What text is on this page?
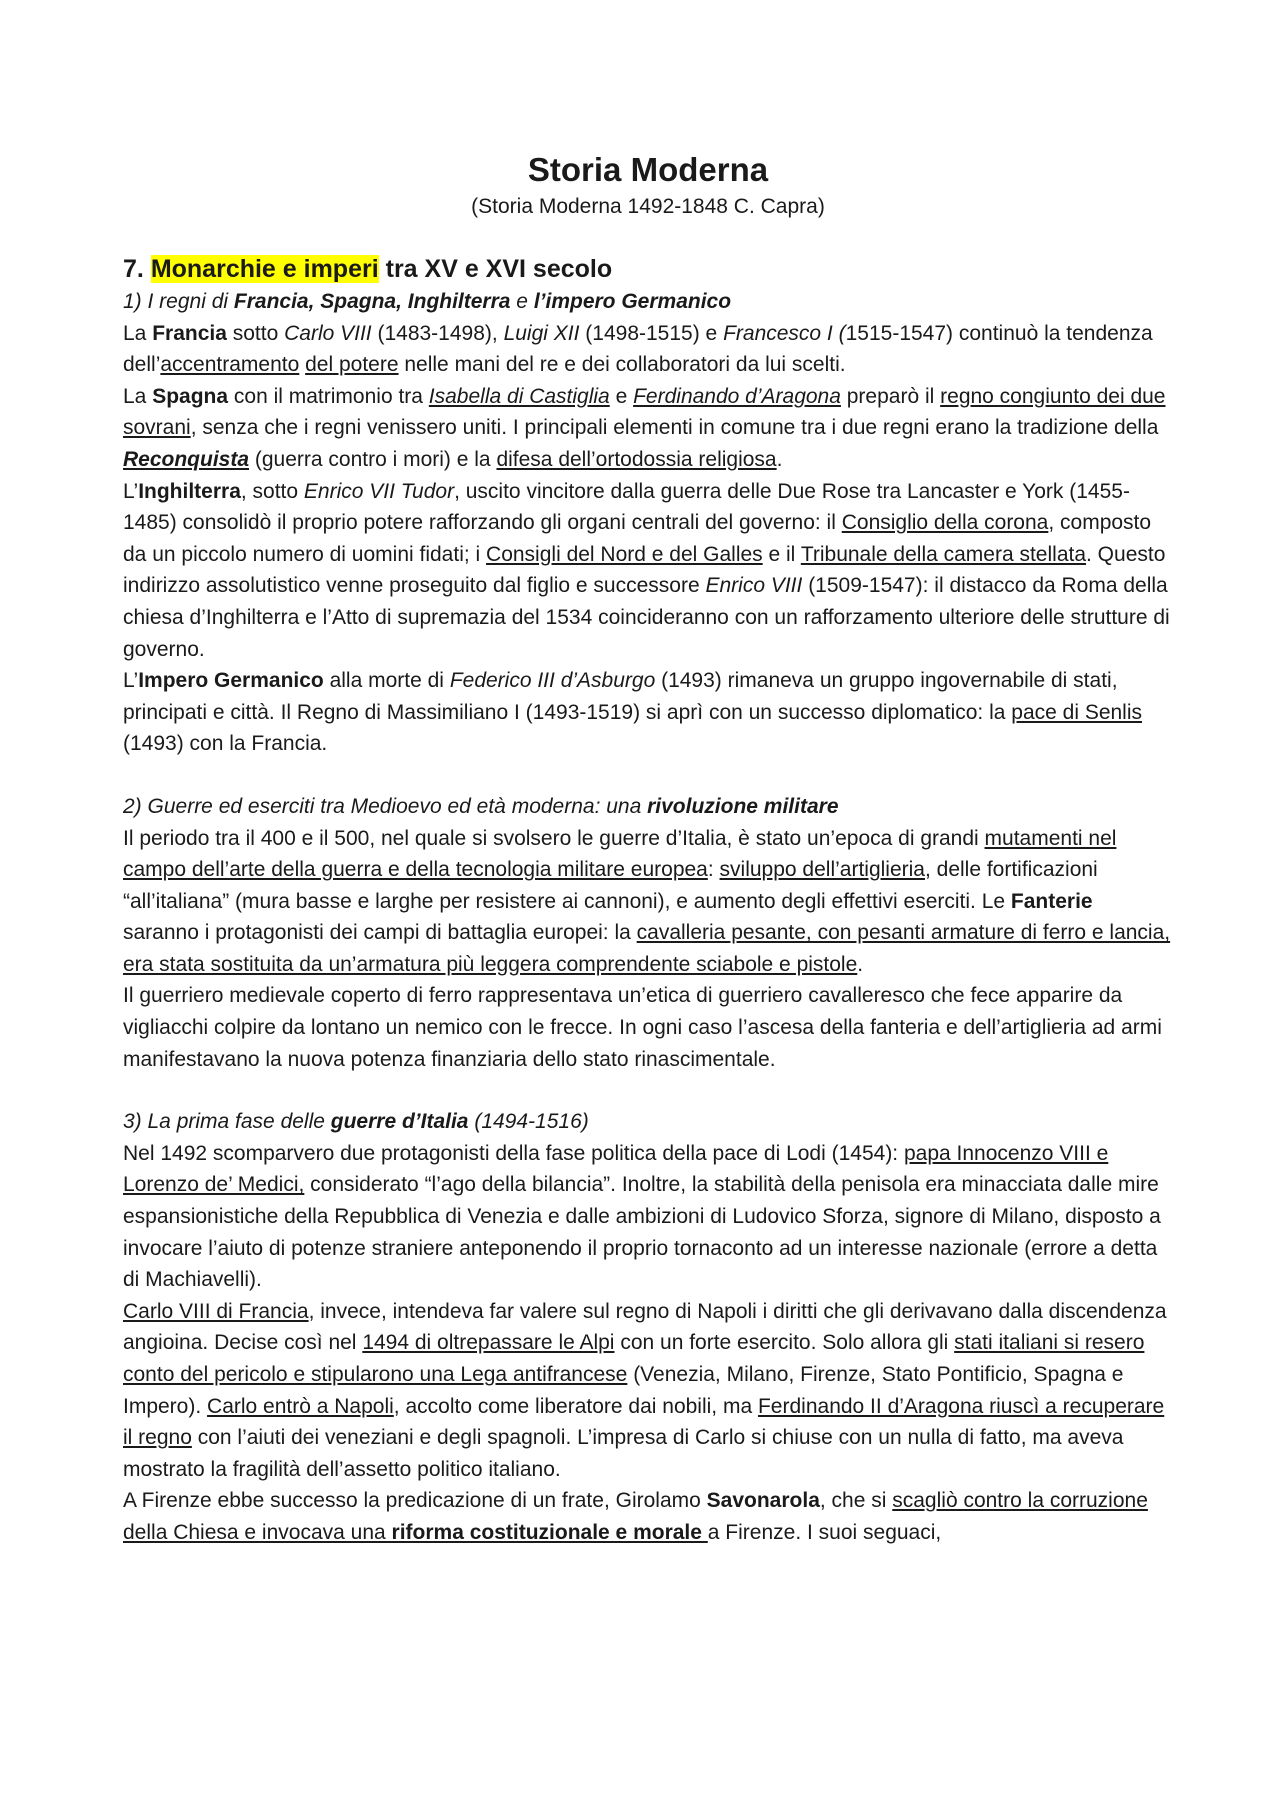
Storia Moderna
(Storia Moderna 1492-1848 C. Capra)
7. Monarchie e imperi tra XV e XVI secolo
1) I regni di Francia, Spagna, Inghilterra e l’impero Germanico

La Francia sotto Carlo VIII (1483-1498), Luigi XII (1498-1515) e Francesco I (1515-1547) continuò la tendenza dell’accentramento del potere nelle mani del re e dei collaboratori da lui scelti.

La Spagna con il matrimonio tra Isabella di Castiglia e Ferdinando d’Aragona preparò il regno congiunto dei due sovrani, senza che i regni venissero uniti. I principali elementi in comune tra i due regni erano la tradizione della Reconquista (guerra contro i mori) e la difesa dell’ortodossia religiosa.

L’Inghilterra, sotto Enrico VII Tudor, uscito vincitore dalla guerra delle Due Rose tra Lancaster e York (1455-1485) consolidò il proprio potere rafforzando gli organi centrali del governo: il Consiglio della corona, composto da un piccolo numero di uomini fidati; i Consigli del Nord e del Galles e il Tribunale della camera stellata. Questo indirizzo assolutistico venne proseguito dal figlio e successore Enrico VIII (1509-1547): il distacco da Roma della chiesa d’Inghilterra e l’Atto di supremazia del 1534 coincideranno con un rafforzamento ulteriore delle strutture di governo.

L’Impero Germanico alla morte di Federico III d’Asburgo (1493) rimaneva un gruppo ingovernabile di stati, principati e città. Il Regno di Massimiliano I (1493-1519) si aprì con un successo diplomatico: la pace di Senlis (1493) con la Francia.

2) Guerre ed eserciti tra Medioevo ed età moderna: una rivoluzione militare

Il periodo tra il 400 e il 500, nel quale si svolsero le guerre d’Italia, è stato un’epoca di grandi mutamenti nel campo dell’arte della guerra e della tecnologia militare europea: sviluppo dell’artiglieria, delle fortificazioni “all’italiana” (mura basse e larghe per resistere ai cannoni), e aumento degli effettivi eserciti. Le Fanterie saranno i protagonisti dei campi di battaglia europei: la cavalleria pesante, con pesanti armature di ferro e lancia, era stata sostituita da un’armatura più leggera comprendente sciabole e pistole.

Il guerriero medievale coperto di ferro rappresentava un’etica di guerriero cavalleresco che fece apparire da vigliacchi colpire da lontano un nemico con le frecce. In ogni caso l’ascesa della fanteria e dell’artiglieria ad armi manifestavano la nuova potenza finanziaria dello stato rinascimentale.

3) La prima fase delle guerre d’Italia (1494-1516)

Nel 1492 scomparvero due protagonisti della fase politica della pace di Lodi (1454): papa Innocenzo VIII e Lorenzo de’ Medici, considerato “l’ago della bilancia”. Inoltre, la stabilità della penisola era minacciata dalle mire espansionistiche della Repubblica di Venezia e dalle ambizioni di Ludovico Sforza, signore di Milano, disposto a invocare l’aiuto di potenze straniere anteponendo il proprio tornaconto ad un interesse nazionale (errore a detta di Machiavelli).

Carlo VIII di Francia, invece, intendeva far valere sul regno di Napoli i diritti che gli derivavano dalla discendenza angioina. Decise così nel 1494 di oltrepassare le Alpi con un forte esercito. Solo allora gli stati italiani si resero conto del pericolo e stipularono una Lega antifrancese (Venezia, Milano, Firenze, Stato Pontificio, Spagna e Impero). Carlo entrò a Napoli, accolto come liberatore dai nobili, ma Ferdinando II d’Aragona riuscì a recuperare il regno con l’aiuti dei veneziani e degli spagnoli. L’impresa di Carlo si chiuse con un nulla di fatto, ma aveva mostrato la fragilità dell’assetto politico italiano.

A Firenze ebbe successo la predicazione di un frate, Girolamo Savonarola, che si scagliò contro la corruzione della Chiesa e invocava una riforma costituzionale e morale a Firenze. I suoi seguaci,
